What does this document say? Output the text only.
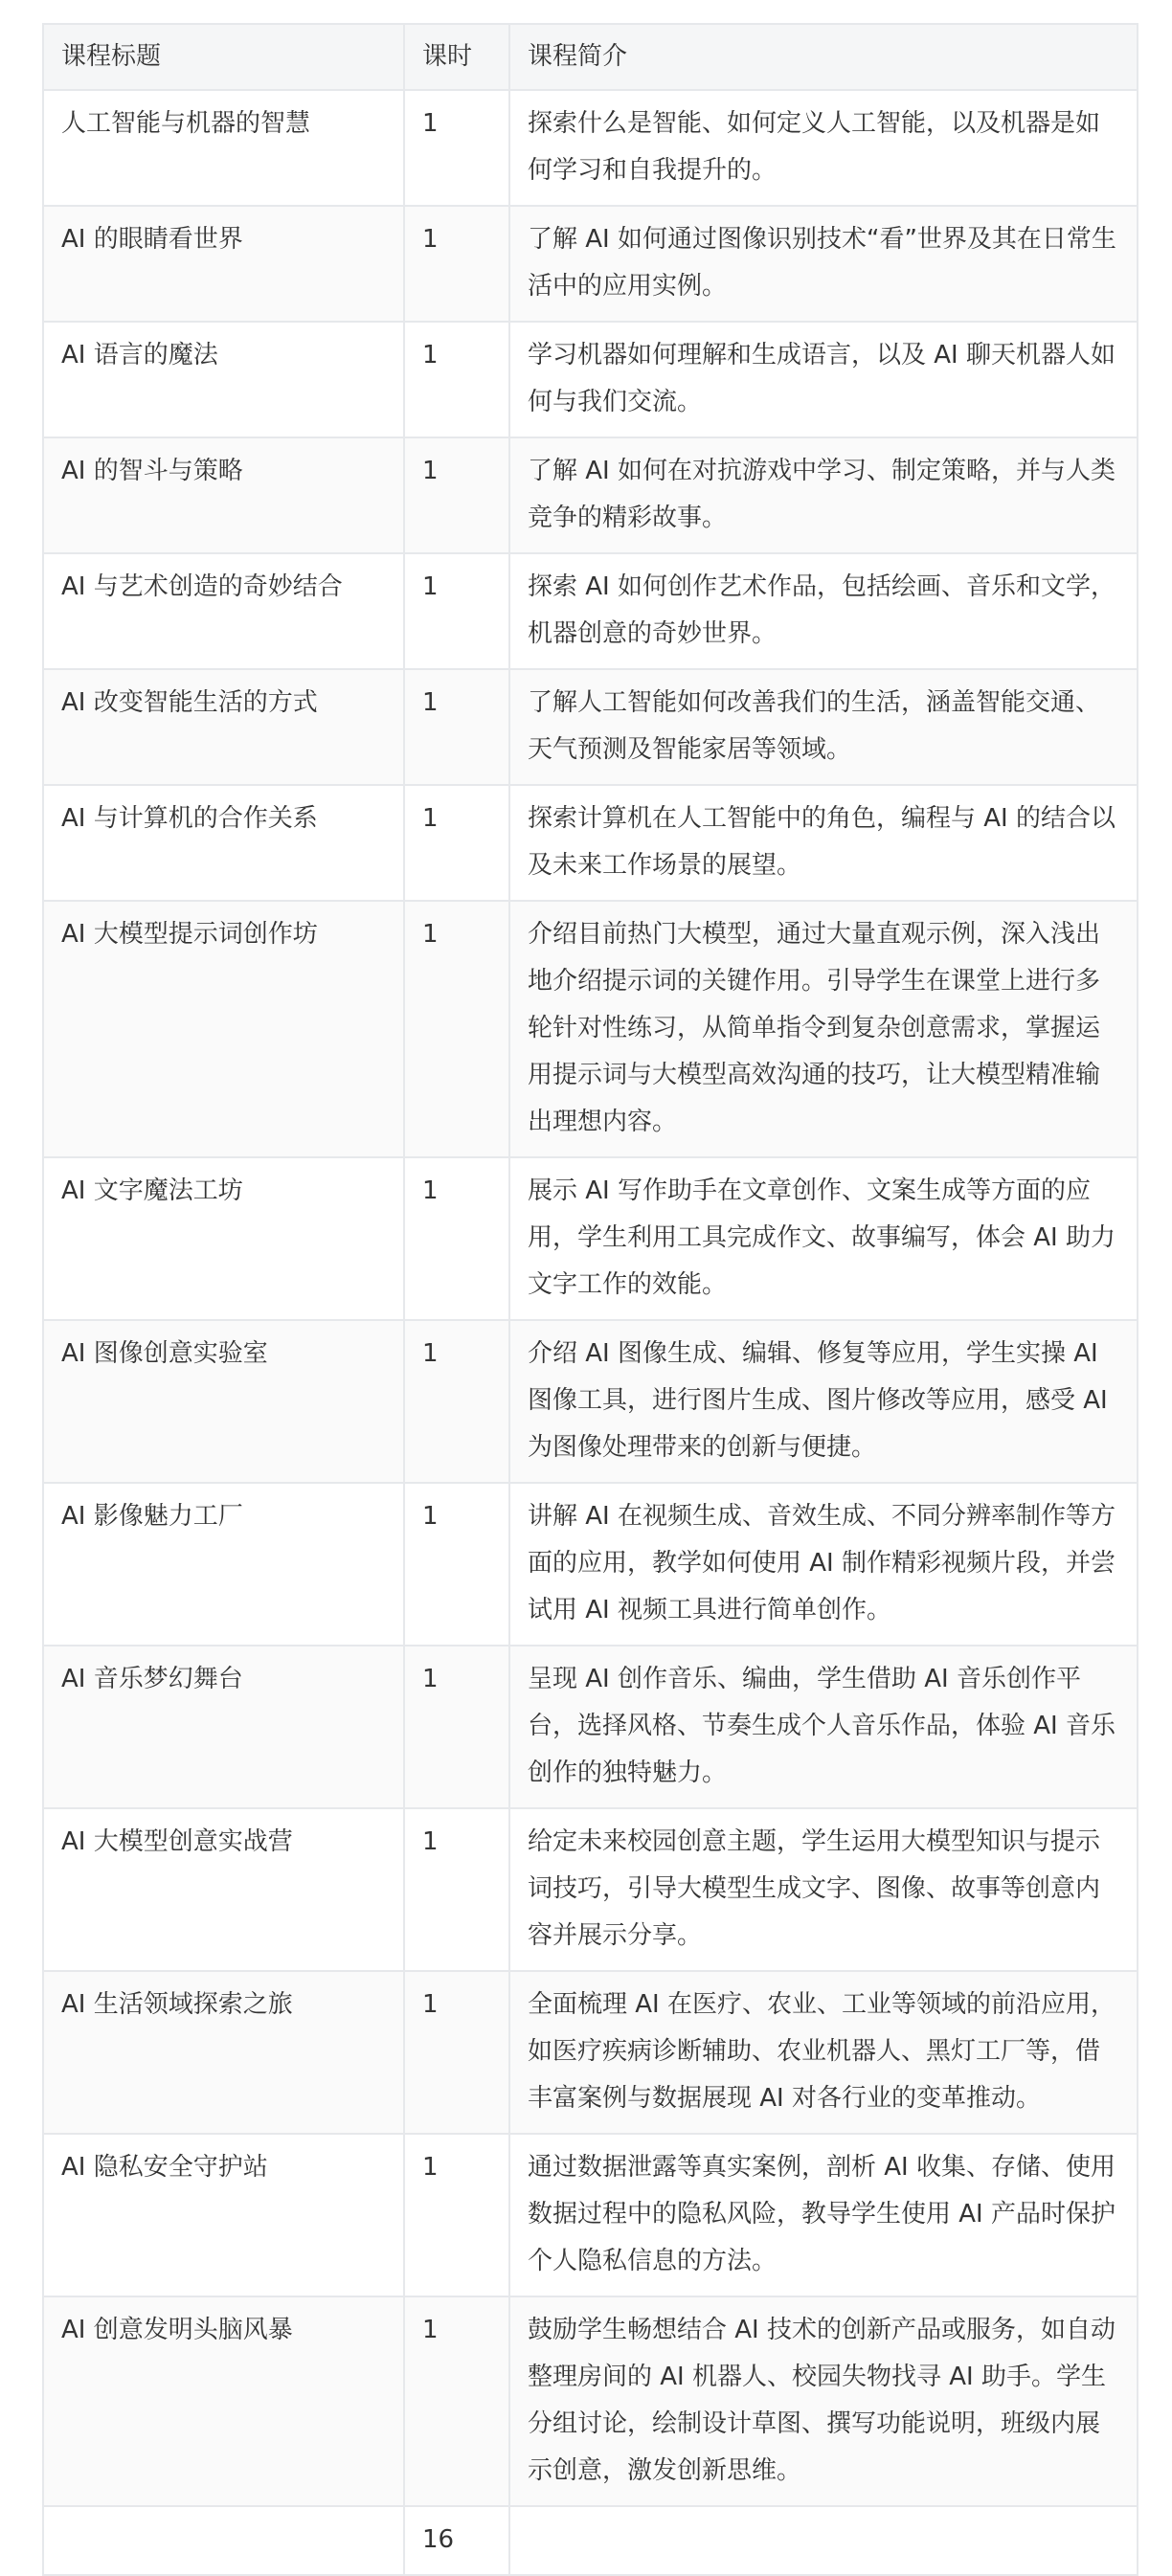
课程标题	课时	课程简介
人工智能与机器的智慧	1	探索什么是智能、如何定义人工智能，以及机器是如何学习和自我提升的。
AI 的眼睛看世界	1	了解 AI 如何通过图像识别技术“看”世界及其在日常生活中的应用实例。
AI 语言的魔法	1	学习机器如何理解和生成语言，以及 AI 聊天机器人如何与我们交流。
AI 的智斗与策略	1	了解 AI 如何在对抗游戏中学习、制定策略，并与人类竞争的精彩故事。
AI 与艺术创造的奇妙结合	1	探索 AI 如何创作艺术作品，包括绘画、音乐和文学，机器创意的奇妙世界。
AI 改变智能生活的方式	1	了解人工智能如何改善我们的生活，涵盖智能交通、天气预测及智能家居等领域。
AI 与计算机的合作关系	1	探索计算机在人工智能中的角色，编程与 AI 的结合以及未来工作场景的展望。
AI 大模型提示词创作坊	1	介绍目前热门大模型，通过大量直观示例，深入浅出地介绍提示词的关键作用。引导学生在课堂上进行多轮针对性练习，从简单指令到复杂创意需求，掌握运用提示词与大模型高效沟通的技巧，让大模型精准输出理想内容。
AI 文字魔法工坊	1	展示 AI 写作助手在文章创作、文案生成等方面的应用，学生利用工具完成作文、故事编写，体会 AI 助力文字工作的效能。
AI 图像创意实验室	1	介绍 AI 图像生成、编辑、修复等应用，学生实操 AI 图像工具，进行图片生成、图片修改等应用，感受 AI 为图像处理带来的创新与便捷。
AI 影像魅力工厂	1	讲解 AI 在视频生成、音效生成、不同分辨率制作等方面的应用，教学如何使用 AI 制作精彩视频片段，并尝试用 AI 视频工具进行简单创作。
AI 音乐梦幻舞台	1	呈现 AI 创作音乐、编曲，学生借助 AI 音乐创作平台，选择风格、节奏生成个人音乐作品，体验 AI 音乐创作的独特魅力。
AI 大模型创意实战营	1	给定未来校园创意主题，学生运用大模型知识与提示词技巧，引导大模型生成文字、图像、故事等创意内容并展示分享。
AI 生活领域探索之旅	1	全面梳理 AI 在医疗、农业、工业等领域的前沿应用，如医疗疾病诊断辅助、农业机器人、黑灯工厂等，借丰富案例与数据展现 AI 对各行业的变革推动。
AI 隐私安全守护站	1	通过数据泄露等真实案例，剖析 AI 收集、存储、使用数据过程中的隐私风险，教导学生使用 AI 产品时保护个人隐私信息的方法。
AI 创意发明头脑风暴	1	鼓励学生畅想结合 AI 技术的创新产品或服务，如自动整理房间的 AI 机器人、校园失物找寻 AI 助手。学生分组讨论，绘制设计草图、撰写功能说明，班级内展示创意，激发创新思维。
	16	
